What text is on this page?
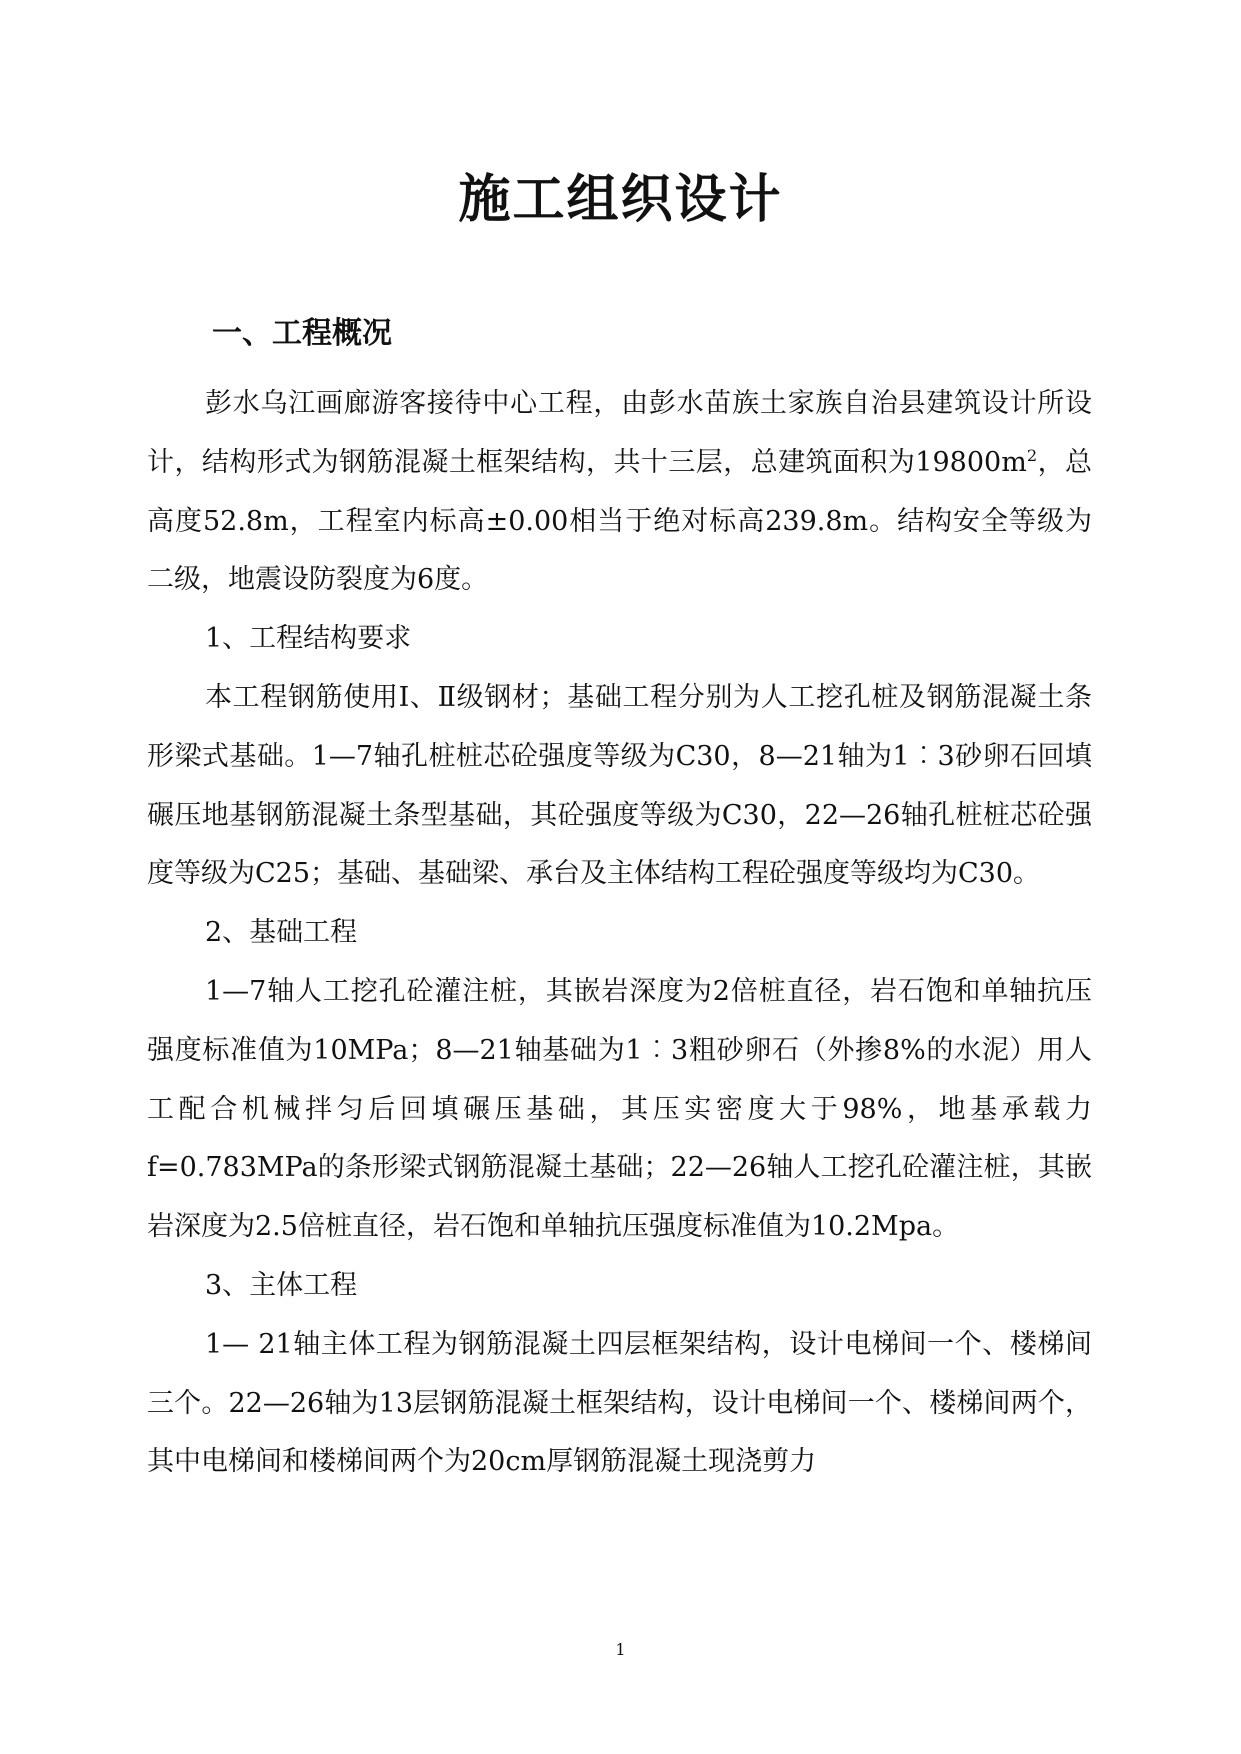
施工组织设计
一、工程概况

彭水乌江画廊游客接待中心工程，由彭水苗族土家族自治县建筑设计所设计，结构形式为钢筋混凝土框架结构，共十三层，总建筑面积为$19800m^2$，总高度52.8m，工程室内标高±0.00相当于绝对标高239.8m。结构安全等级为二级，地震设防裂度为6度。

1、工程结构要求

本工程钢筋使用Ⅰ、Ⅱ级钢材；基础工程分别为人工挖孔桩及钢筋混凝土条形梁式基础。1—7轴孔桩桩芯砼强度等级为C30，8—21轴为1︰3砂卵石回填碾压地基钢筋混凝土条型基础，其砼强度等级为C30，22—26轴孔桩桩芯砼强度等级为C25；基础、基础梁、承台及主体结构工程砼强度等级均为C30。

2、基础工程

1—7轴人工挖孔砼灌注桩，其嵌岩深度为2倍桩直径，岩石饱和单轴抗压强度标准值为10MPa；8—21轴基础为1︰3粗砂卵石（外掺8%的水泥）用人工配合机械拌匀后回填碾压基础，其压实密度大于98%，地基承载力f=0.783MPa的条形梁式钢筋混凝土基础；22—26轴人工挖孔砼灌注桩，其嵌岩深度为2.5倍桩直径，岩石饱和单轴抗压强度标准值为10.2Mpa。

3、主体工程

1— 21轴主体工程为钢筋混凝土四层框架结构，设计电梯间一个、楼梯间三个。22—26轴为13层钢筋混凝土框架结构，设计电梯间一个、楼梯间两个，其中电梯间和楼梯间两个为20cm厚钢筋混凝土现浇剪力

1
